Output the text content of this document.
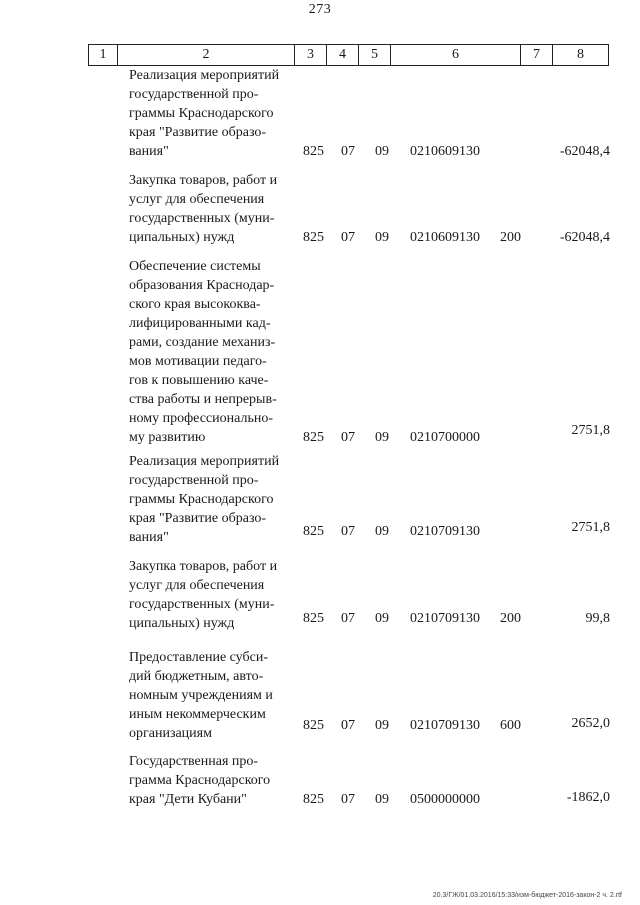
273
1	2	3	4	5	6	7	8
Реализация мероприятий
государственной про-
граммы Краснодарского
края "Развитие образо-
вания"	825 07 09 0210609130	-62048,4
Закупка товаров, работ и
услуг для обеспечения
государственных (муни-
ципальных) нужд	825 07 09 0210609130 200	-62048,4
Обеспечение системы
образования Краснодар-
ского края высококва-
лифицированными кад-
рами, создание механиз-
мов мотивации педаго-
гов к повышению каче-
ства работы и непрерыв-
ному профессионально-
му развитию	825 07 09 0210700000	2751,8
Реализация мероприятий
государственной про-
граммы Краснодарского
края "Развитие образо-
вания"	825 07 09 0210709130	2751,8
Закупка товаров, работ и
услуг для обеспечения
государственных (муни-
ципальных) нужд	825 07 09 0210709130 200	99,8
Предоставление субси-
дий бюджетным, авто-
номным учреждениям и
иным некоммерческим
организациям
825 07 09 0210709130 600	2652,0
Государственная про-
грамма Краснодарского
края "Дети Кубани"	825 07 09 0500000000	-1862,0
20.3/ГЖ/01.03.2016/15:33/изм-бюджет-2016-закон-2 ч. 2.rtf
